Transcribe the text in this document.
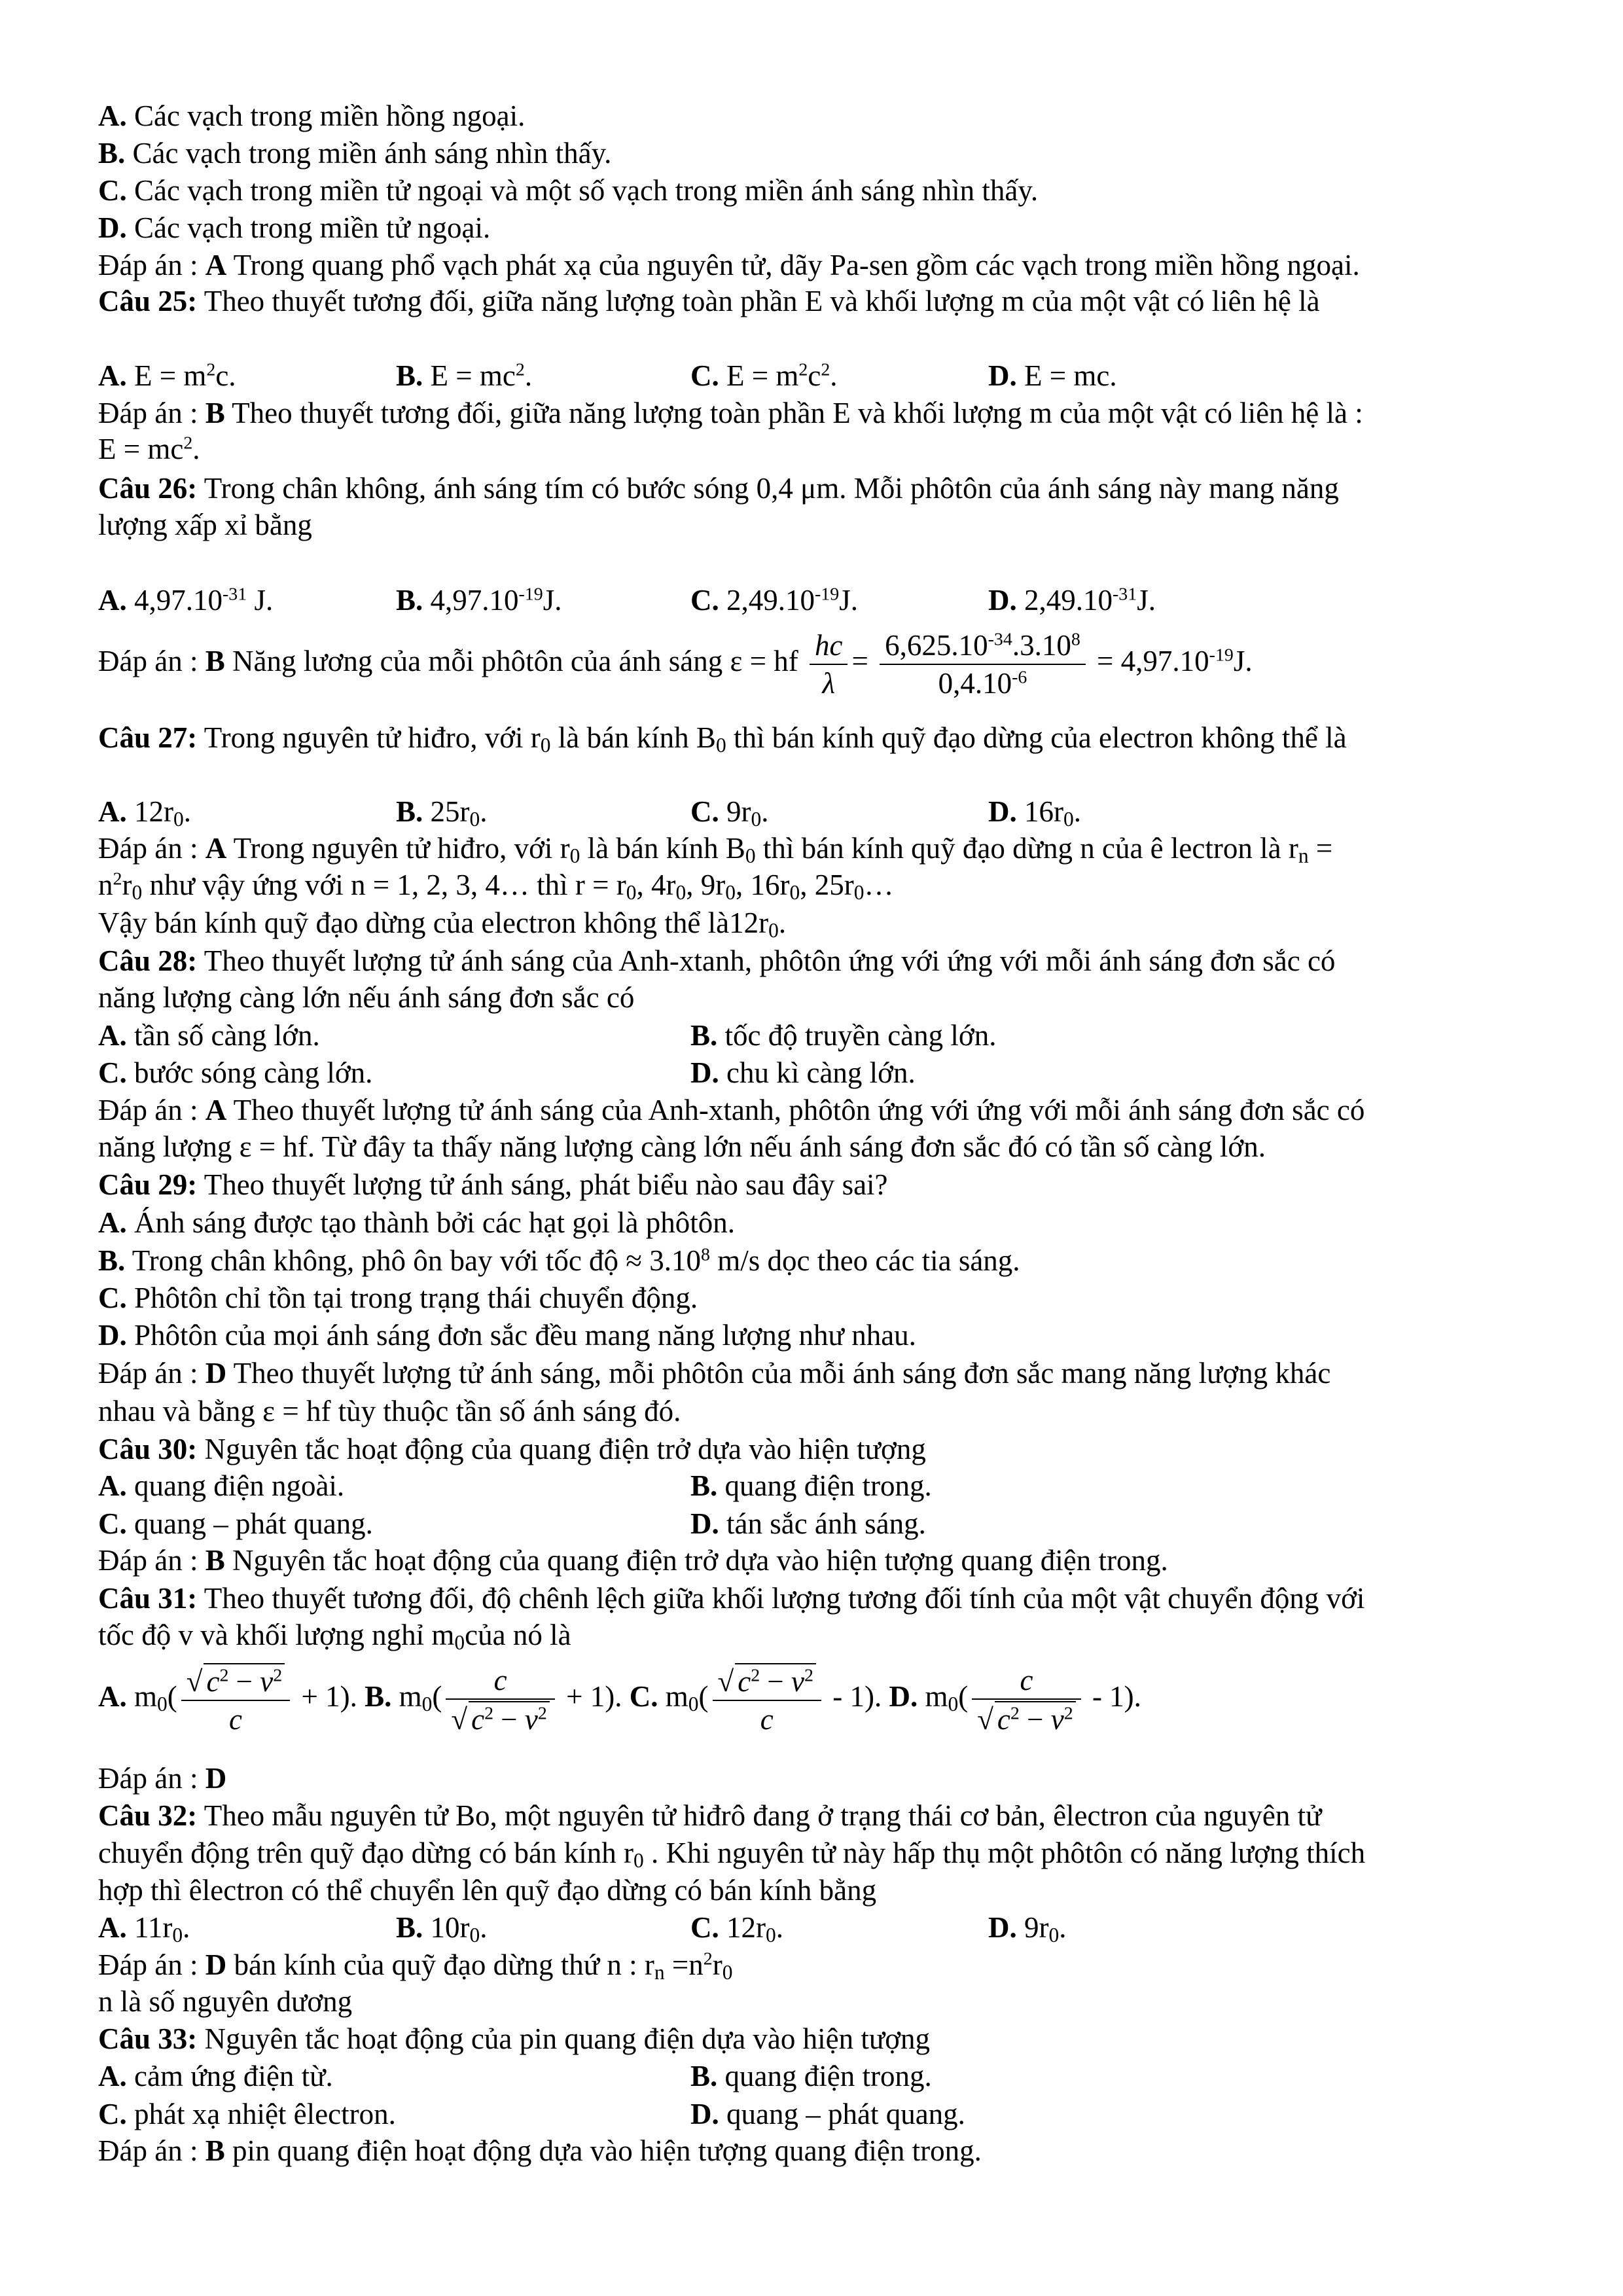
A. Các vạch trong miền hồng ngoại.
B. Các vạch trong miền ánh sáng nhìn thấy.
C. Các vạch trong miền tử ngoại và một số vạch trong miền ánh sáng nhìn thấy.
D. Các vạch trong miền tử ngoại.
Đáp án : A Trong quang phổ vạch phát xạ của nguyên tử, dãy Pa-sen gồm các vạch trong miền hồng ngoại.
Câu 25: Theo thuyết tương đối, giữa năng lượng toàn phần E và khối lượng m của một vật có liên hệ là
A. $E = m^2c$.	B. $E = mc^2$.	C. $E = m^2c^2$.	D. E = mc.
Đáp án : B Theo thuyết tương đối, giữa năng lượng toàn phần E và khối lượng m của một vật có liên hệ là :
$E = mc^2$.
Câu 26: Trong chân không, ánh sáng tím có bước sóng 0,4 μm. Mỗi phôtôn của ánh sáng này mang năng
lượng xấp xỉ bằng
A. $4,97.10^{-31}$ J.	B. $4,97.10^{-19}J$.	C. $2,49.10^{-19}J$.	D. $2,49.10^{-31}J$.
Đáp án : B Năng lương của mỗi phôtôn của ánh sáng ε = hf $\frac{hc}{\lambda} = \frac{6,625.10^{-34}.3.10^8}{0,4.10^{-6}} = 4,97.10^{-19}J$.
Câu 27: Trong nguyên tử hiđro, với $r_0$ là bán kính $B_0$ thì bán kính quỹ đạo dừng của electron không thể là
A. $12r_0$.	B. $25r_0$.	C. $9r_0$.	D. $16r_0$.
Đáp án : A Trong nguyên tử hiđro, với $r_0$ là bán kính $B_0$ thì bán kính quỹ đạo dừng n của ê lectron là $r_n$ =
$n^2r_0$ như vậy ứng với n = 1, 2, 3, 4… thì $r = r_0$, $4r_0$, $9r_0$, $16r_0$, $25r_0\dots$
Vậy bán kính quỹ đạo dừng của electron không thể $là12r_0$.
Câu 28: Theo thuyết lượng tử ánh sáng của Anh-xtanh, phôtôn ứng với ứng với mỗi ánh sáng đơn sắc có
năng lượng càng lớn nếu ánh sáng đơn sắc có
A. tần số càng lớn.	B. tốc độ truyền càng lớn.
C. bước sóng càng lớn.	D. chu kì càng lớn.
Đáp án : A Theo thuyết lượng tử ánh sáng của Anh-xtanh, phôtôn ứng với ứng với mỗi ánh sáng đơn sắc có
năng lượng ε = hf. Từ đây ta thấy năng lượng càng lớn nếu ánh sáng đơn sắc đó có tần số càng lớn.
Câu 29: Theo thuyết lượng tử ánh sáng, phát biểu nào sau đây sai?
A. Ánh sáng được tạo thành bởi các hạt gọi là phôtôn.
B. Trong chân không, phô ôn bay với tốc độ ≈ $3.10^8$ m/s dọc theo các tia sáng.
C. Phôtôn chỉ tồn tại trong trạng thái chuyển động.
D. Phôtôn của mọi ánh sáng đơn sắc đều mang năng lượng như nhau.
Đáp án : D Theo thuyết lượng tử ánh sáng, mỗi phôtôn của mỗi ánh sáng đơn sắc mang năng lượng khác
nhau và bằng ε = hf tùy thuộc tần số ánh sáng đó.
Câu 30: Nguyên tắc hoạt động của quang điện trở dựa vào hiện tượng
A. quang điện ngoài.	B. quang điện trong.
C. quang – phát quang.	D. tán sắc ánh sáng.
Đáp án : B Nguyên tắc hoạt động của quang điện trở dựa vào hiện tượng quang điện trong.
Câu 31: Theo thuyết tương đối, độ chênh lệch giữa khối lượng tương đối tính của một vật chuyển động với
tốc độ v và khối lượng nghỉ $m_0của$ nó là
A. $m_0( \frac{√ c^2 - v^2}{c} + 1)$. B. $m_0( \frac{c}{√ c^2 - v^2} + 1)$. C. $m_0( \frac{√ c^2 - v^2}{c} - 1)$. D. $m_0( \frac{c}{√ c^2 - v^2} - 1)$.
Đáp án : D
Câu 32: Theo mẫu nguyên tử Bo, một nguyên tử hiđrô đang ở trạng thái cơ bản, êlectron của nguyên tử
chuyển động trên quỹ đạo dừng có bán kính $r_0$ . Khi nguyên tử này hấp thụ một phôtôn có năng lượng thích
hợp thì êlectron có thể chuyển lên quỹ đạo dừng có bán kính bằng
A. $11r_0$.	B. $10r_0$.	C. $12r_0$.	D. $9r_0$.
Đáp án : D bán kính của quỹ đạo dừng thứ n : $r_n =n^2r_0$
n là số nguyên dương
Câu 33: Nguyên tắc hoạt động của pin quang điện dựa vào hiện tượng
A. cảm ứng điện từ.	B. quang điện trong.
C. phát xạ nhiệt êlectron.	D. quang – phát quang.
Đáp án : B pin quang điện hoạt động dựa vào hiện tượng quang điện trong.
